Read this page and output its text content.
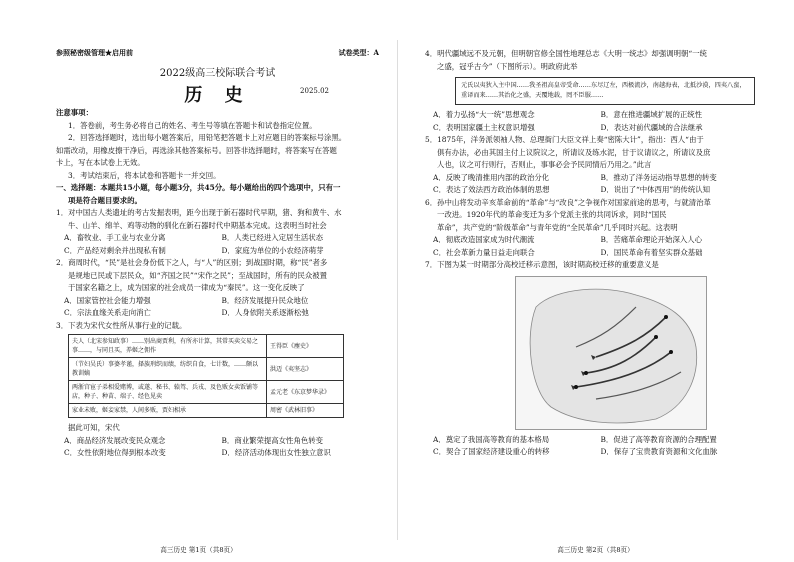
参照秘密级管理★启用前	试卷类型：A

2022级高三校际联合考试

历 史	2025.02

注意事项：

1．答卷前，考生务必将自己的姓名、考生号等填在答题卡和试卷指定位置。

2．回答选择题时，选出每小题答案后，用铅笔把答题卡上对应题目的答案标号涂黑。

如需改动，用橡皮擦干净后，再选涂其他答案标号。回答非选择题时，将答案写在答题

卡上，写在本试卷上无效。

3．考试结束后，将本试卷和答题卡一并交回。

一、选择题：本题共15小题，每小题3分，共45分。每小题给出的四个选项中，只有一

项是符合题目要求的。

1．对中国古人类遗址的考古发掘表明，距今出现于新石器时代早期，猪、狗和黄牛、水

牛、山羊、绵羊、鸡等动物的驯化在新石器时代中期基本完成。这表明当时社会

A．畜牧业、手工业与农业分离	B．人类已经进入定居生活状态
C．产品经对剩余并出现私有制	D．家庭为单位的小农经济萌芽

2．商周时代，“民”是社会身份低下之人，与“人”的区别；到战国时期，称“民”者多

是规地已民或下层民众，如“齐国之民”“宋作之民”；至战国时，所有的民众被置

于国家名籍之上，成为国家的社会成员一律成为“秦民”。这一变化反映了

A．国家管控社会能力增强	B．经济发展提升民众地位
C．宗法血缘关系走向消亡	D．人身依附关系逐渐松弛

3．下表为宋代女性所从事行业的记载。

夫人（北宋参知政事）……别出商贾利，有所亦计算，其常买卖交易之事……，与同且买，养姬之佣作	王得臣《麈史》
（节妇吴氏）事婆孝谨，择族刑织而绩，纺织自食，七计数，……颇以教训嫡	洪迈《夷坚志》
两浙宫宦子弟相爱赌博，或遂、秘书、辕驾、兵戎、及色贩女卖饭铺等店，种子、种苗、端子、经色见卖	孟元老《东京梦华录》
家业未败，姬妾家禁，人间多贩，贾妇相承	周密《武林旧事》

据此可知，宋代

A．商品经济发展改变民众观念	B．商业繁荣提高女性角色转变
C．女性依附地位得到根本改变	D．经济活动体现出女性独立意识
高三历史 第1页（共8页）

4．明代疆域远不及元朝，但明朝官修全国性地理总志《大明一统志》却强调明朝“一统

之盛，冠乎古今”（下图所示）。明政府此举

元氏以夷狄入主中国……我圣祖高皇帝受命……东尽辽左，西极流沙，南越海表，北抵沙漠，四夷八蛮，重译而来……其治化之盛，天覆地载，罔不臣服……
A．着力弘扬“大一统”思想观念	B．意在推进疆域扩展的正统性
C．表明国家疆土主权意识增强	D．表达对前代疆域的合法继承

5．1875年，洋务派领袖人物、总理衙门大臣文祥上奏“密陈大计”，指出：西人“由于

俱有办法，必由其国主付上议院议之，所请议及练水泥，甘于议请议之，所请议及庶

人也，议之可行则行，否则止，事事必会予民同情后乃用之。”此言

A．反映了晚清推用内部的政治分化	B．推动了洋务运动指导思想的转变
C．表达了效法西方政治体制的思想	D．说出了“中体西用”的传统认知

6．孙中山将发动辛亥革命前的“革命”与“改良”之争视作对国家前途的思考，与就清治革

一改进。1920年代的革命变迁为多个党派主张的共同诉求，同时“国民

革命”，共产党的“阶级革命”与青年党的“全民革命”几乎同时兴起。这表明

A．彻底改造国家成为时代潮流	B．苦痛革命理论开始深入人心
C．社会革新力量日益走向联合	D．国民革命有着坚实群众基础

7．下图为某一时期部分高校迁移示意图，该时期高校迁移的重要意义是

A．奠定了我国高等教育的基本格局	B．促进了高等教育资源的合理配置
C．契合了国家经济建设重心的转移	D．保存了宝贵教育资源和文化血脉
高三历史 第2页（共8页）
